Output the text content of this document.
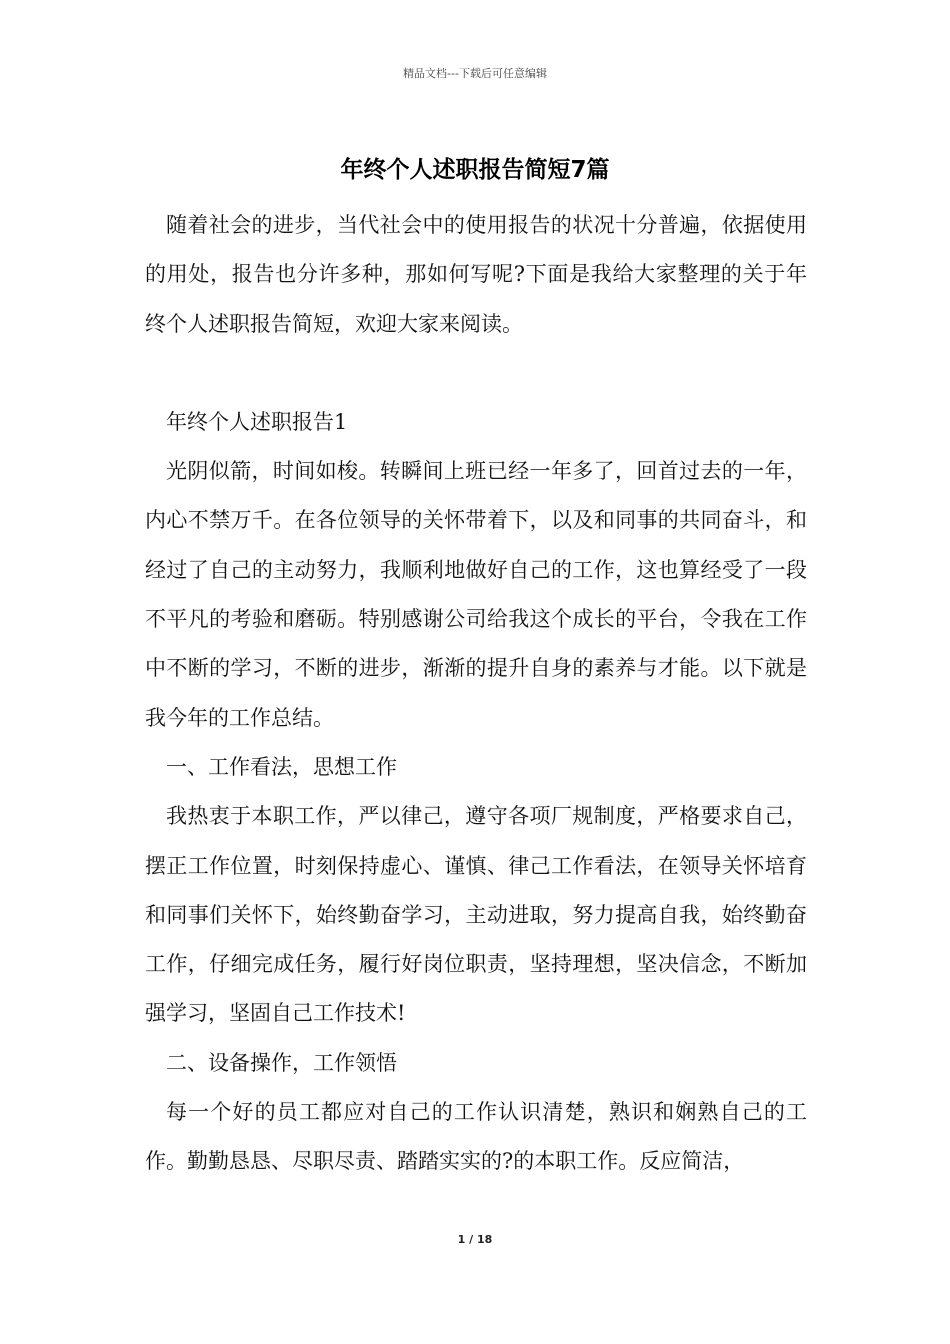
精品文档---下载后可任意编辑
年终个人述职报告简短7篇

随着社会的进步，当代社会中的使用报告的状况十分普遍，依据使用的用处，报告也分许多种，那如何写呢?下面是我给大家整理的关于年终个人述职报告简短，欢迎大家来阅读。

年终个人述职报告1

光阴似箭，时间如梭。转瞬间上班已经一年多了，回首过去的一年，内心不禁万千。在各位领导的关怀带着下，以及和同事的共同奋斗，和经过了自己的主动努力，我顺利地做好自己的工作，这也算经受了一段不平凡的考验和磨砺。特别感谢公司给我这个成长的平台，令我在工作中不断的学习，不断的进步，渐渐的提升自身的素养与才能。以下就是我今年的工作总结。

一、工作看法，思想工作

我热衷于本职工作，严以律己，遵守各项厂规制度，严格要求自己，摆正工作位置，时刻保持虚心、谨慎、律己工作看法，在领导关怀培育和同事们关怀下，始终勤奋学习，主动进取，努力提高自我，始终勤奋工作，仔细完成任务，履行好岗位职责，坚持理想，坚决信念，不断加强学习，坚固自己工作技术!

二、设备操作，工作领悟

每一个好的员工都应对自己的工作认识清楚，熟识和娴熟自己的工作。勤勤恳恳、尽职尽责、踏踏实实的?的本职工作。反应简洁，

1 / 18
